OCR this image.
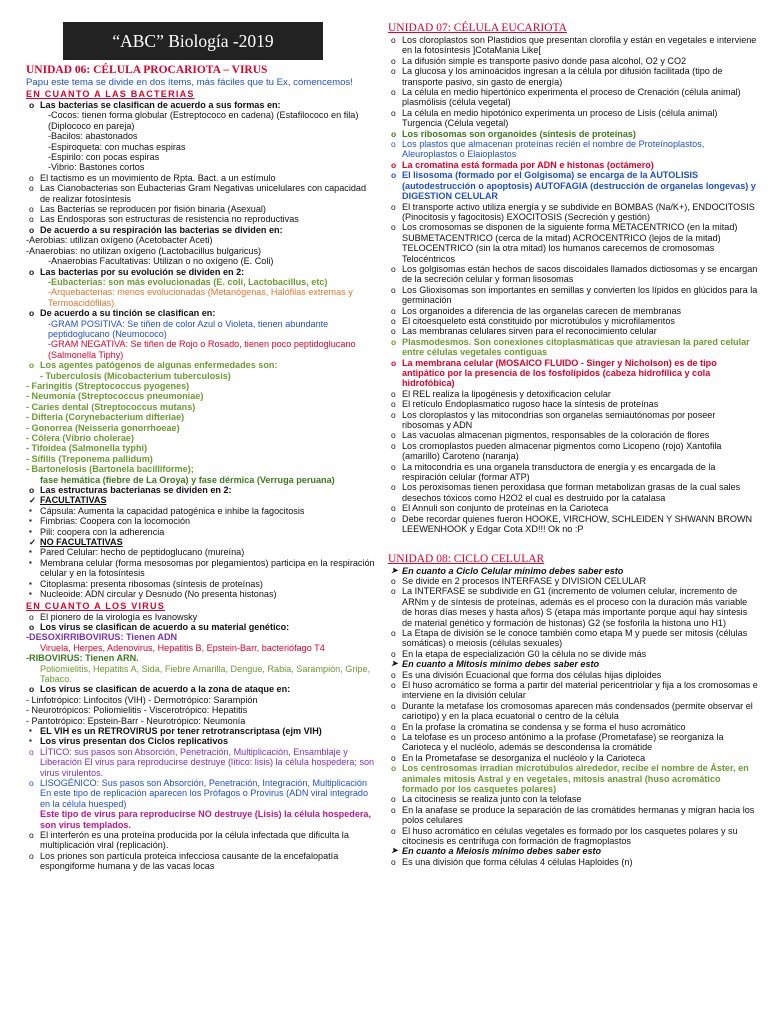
“ABC” Biología -2019
UNIDAD 06: CÉLULA PROCARIOTA – VIRUS
Papu este tema se divide en dos ítems, más fáciles que tu Ex, comencemos!
EN CUANTO A LAS BACTERIAS
o Las bacterias se clasifican de acuerdo a sus formas en:
-Cocos: tienen forma globular (Estreptococo en cadena) (Estafilococo en fila) (Diplococo en pareja)
-Bacilos: abastonados
-Espiroqueta: con muchas espiras
-Espirilo: con pocas espiras
-Vibrio: Bastones cortos
o El tactismo es un movimiento de Rpta. Bact. a un estímulo
o Las Cianobacterias son Eubacterias Gram Negativas unicelulares con capacidad de realizar fotosíntesis
o Las Bacterias se reproducen por fisión binaria (Asexual)
o Las Endosporas son estructuras de resistencia no reproductivas
o De acuerdo a su respiración las bacterias se dividen en:
-Aerobias: utilizan oxígeno (Acetobacter Aceti)
-Anaerobias: no utilizan oxígeno (Lactobacillus bulgaricus)
-Anaerobias Facultativas: Utilizan o no oxígeno (E. Coli)
o Las bacterias por su evolución se dividen en 2:
-Eubacterias: son más evolucionadas (E. coli, Lactobacillus, etc)
-Arquebacterias: menos evolucionadas (Metanógenas, Halófilas extremas y Termoacidófilas)
o De acuerdo a su tinción se clasifican en:
-GRAM POSITIVA: Se tiñen de color Azul o Violeta, tienen abundante peptidoglucano (Neumococo)
-GRAM NEGATIVA: Se tiñen de Rojo o Rosado, tienen poco peptidoglucano (Salmonella Tiphy)
o Los agentes patógenos de algunas enfermedades son:
- Tuberculosis (Micobacterium tuberculosis)
- Faringitis (Streptococcus pyogenes)
- Neumonía (Streptococcus pneumoniae)
- Caries dental (Streptococcus mutans)
- Difteria (Corynebacterium difteriae)
- Gonorrea (Neisseria gonorrhoeae)
- Cólera (Vibrio cholerae)
- Tifoidea (Salmonella typhi)
- Sífilis (Treponema pallidum)
- Bartonelosis (Bartonela bacilliforme);
fase hemática (fiebre de La Oroya) y fase dérmica (Verruga peruana)
o Las estructuras bacterianas se dividen en 2:
✓ FACULTATIVAS
▪ Cápsula: Aumenta la capacidad patogénica e inhibe la fagocitosis
▪ Fimbrias: Coopera con la locomoción
▪ Pili: coopera con la adherencia
✓ NO FACULTATIVAS
▪ Pared Celular: hecho de peptidoglucano (mureína)
▪ Membrana celular (forma mesosomas por plegamientos) participa en la respiración celular y en la fotosíntesis
▪ Citoplasma: presenta ribosomas (síntesis de proteínas)
▪ Nucleoide: ADN circular y Desnudo (No presenta histonas)
EN CUANTO A LOS VIRUS
o El pionero de la virología es Ivanowsky
o Los virus se clasifican de acuerdo a su material genético:
-DESOXIRRIBOVIRUS: Tienen ADN
Viruela, Herpes, Adenovirus, Hepatitis B, Epstein-Barr, bacteriófago T4
-RIBOVIRUS: Tienen ARN.
Poliomielitis, Hepatitis A, Sida, Fiebre Amarilla, Dengue, Rabia, Sarampión, Gripe, Tabaco.
o Los virus se clasifican de acuerdo a la zona de ataque en:
- Linfotrópico: Linfocitos (VIH) - Dermotrópico: Sarampión
- Neurotrópicos: Poliomielitis - Viscerotrópico: Hepatitis
- Pantotrópico: Epstein-Barr - Neurotrópico: Neumonía
▪ EL VIH es un RETROVIRUS por tener retrotranscriptasa (ejm VIH)
▪ Los virus presentan dos Ciclos replicativos
o LÍTICO: sus pasos son Absorción, Penetración, Multiplicación, Ensamblaje y Liberación El virus para reproducirse destruye (lítico: lisis) la célula hospedera; son virus virulentos.
o LISOGÉNICO: Sus pasos son Absorción, Penetración, Integración, Multiplicación En este tipo de replicación aparecen los Prófagos o Provirus (ADN viral integrado en la célula huesped)
Este tipo de virus para reproducirse NO destruye (Lisis) la célula hospedera, son virus templados.
o El interferón es una proteína producida por la célula infectada que dificulta la multiplicación viral (replicación).
o Los priones son partícula proteica infecciosa causante de la encefalopatía espongiforme humana y de las vacas locas
UNIDAD 07: CÉLULA EUCARIOTA
o Los cloroplastos son Plastidios que presentan clorofila y están en vegetales e interviene en la fotosíntesis ]CotaMania Like[
o La difusión simple es transporte pasivo donde pasa alcohol, O2 y CO2
o La glucosa y los aminoácidos ingresan a la célula por difusión facilitada (tipo de transporte pasivo, sin gasto de energía)
o La célula en medio hipertónico experimenta el proceso de Crenación (célula animal) plasmólisis (célula vegetal)
o La célula en medio hipotónico experimenta un proceso de Lisis (célula animal) Turgencia (Célula vegetal)
o Los ribosomas son organoides (síntesis de proteínas)
o Los plastos que almacenan proteínas recién el nombre de Proteínoplastos, Aleuroplastos o Elaioplastos
o La cromatina está formada por ADN e histonas (octámero)
o El lisosoma (formado por el Golgisoma) se encarga de la AUTOLISIS (autodestrucción o apoptosis) AUTOFAGIA (destrucción de organelas longevas) y DIGESTION CELULAR
o El transporte activo utiliza energía y se subdivide en BOMBAS (Na/K+), ENDOCITOSIS (Pinocitosis y fagocitosis) EXOCITOSIS (Secreción y gestión)
o Los cromosomas se disponen de la siguiente forma METACENTRICO (en la mitad) SUBMETACENTRICO (cerca de la mitad) ACROCENTRICO (lejos de la mitad) TELOCENTRICO (sin la otra mitad) los humanos carecemos de cromosomas Telocéntricos
o Los golgisomas están hechos de sacos discoidales llamados dictiosomas y se encargan de la secreción celular y forman lisosomas
o Los Glioxisomas son importantes en semillas y convierten los lípidos en glúcidos para la germinación
o Los organoides a diferencia de las organelas carecen de membranas
o El citoesqueleto está constituido por microtúbulos y microfilamentos
o Las membranas celulares sirven para el reconocimiento celular
o Plasmodesmos. Son conexiones citoplasmáticas que atraviesan la pared celular entre células vegetales contiguas
o La membrana celular (MOSAICO FLUIDO - Singer y Nicholson) es de tipo antipático por la presencia de los fosfolípidos (cabeza hidrofílica y cola hidrofóbica)
o El REL realiza la lipogénesis y detoxificacion celular
o El retículo Endoplasmatico rugoso hace la síntesis de proteínas
o Los cloroplastos y las mitocondrias son organelas semiautónomas por poseer ribosomas y ADN
o Las vacuolas almacenan pigmentos, responsables de la coloración de flores
o Los cromoplastos pueden almacenar pigmentos como Licopeno (rojo) Xantofila (amarillo) Caroteno (naranja)
o La mitocondria es una organela transductora de energía y es encargada de la respiración celular (formar ATP)
o Los peroxisomas tienen peroxidasa que forman metabolizan grasas de la cual sales desechos tóxicos como H2O2 el cual es destruido por la catalasa
o El Annuli son conjunto de proteínas en la Carioteca
o Debe recordar quienes fueron HOOKE, VIRCHOW, SCHLEIDEN Y SHWANN BROWN LEEWENHOOK y Edgar Cota XD!!! Ok no :P
UNIDAD 08: CICLO CELULAR
➤ En cuanto a Ciclo Celular mínimo debes saber esto
o Se divide en 2 procesos INTERFASE y DIVISION CELULAR
o La INTERFASE se subdivide en G1 (incremento de volumen celular, incremento de ARNm y de síntesis de proteínas, además es el proceso con la duración más variable de horas días meses y hasta años) S (etapa más importante porque aquí hay síntesis de material genético y formación de histonas) G2 (se fosforila la histona uno H1)
o La Etapa de división se le conoce también como etapa M y puede ser mitosis (células somáticas) o meiosis (células sexuales)
o En la etapa de especialización G0 la célula no se divide más
➤ En cuanto a Mitosis mínimo debes saber esto
o Es una división Ecuacional que forma dos células hijas diploides
o El huso acromático se forma a partir del material pericentriolar y fija a los cromosomas e interviene en la división celular
o Durante la metafase los cromosomas aparecen más condensados (permite observar el cariotipo) y en la placa ecuatorial o centro de la célula
o En la profase la cromatina se condensa y se forma el huso acromático
o La telofase es un proceso antónimo a la profase (Prometafase) se reorganiza la Carioteca y el nucléolo, además se descondensa la cromátide
o En la Prometafase se desorganiza el nucléolo y la Carioteca
o Los centrosomas irradian microtúbulos alrededor, recibe el nombre de Áster, en animales mitosis Astral y en vegetales, mitosis anastral (huso acromático formado por los casquetes polares)
o La citocinesis se realiza junto con la telofase
o En la anafase se produce la separación de las cromátides hermanas y migran hacia los polos celulares
o El huso acromático en células vegetales es formado por los casquetes polares y su citocinesis es centrífuga con formación de fragmoplastos
➤ En cuanto a Meiosis mínimo debes saber esto
o Es una división que forma células 4 células Haploides (n)
